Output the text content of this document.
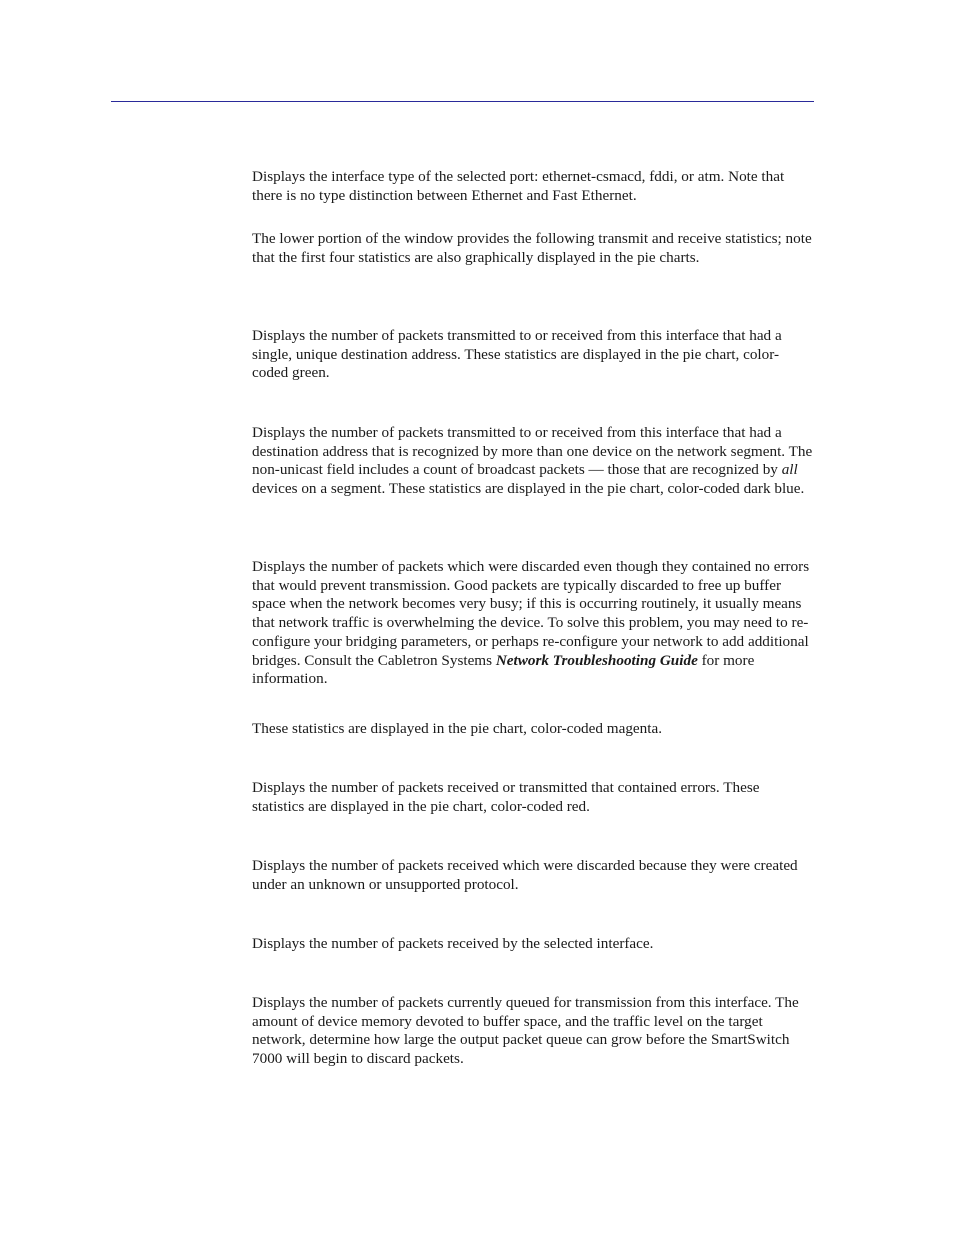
Displays the interface type of the selected port: ethernet-csmacd, fddi, or atm. Note that there is no type distinction between Ethernet and Fast Ethernet.

The lower portion of the window provides the following transmit and receive statistics; note that the first four statistics are also graphically displayed in the pie charts.

Displays the number of packets transmitted to or received from this interface that had a single, unique destination address. These statistics are displayed in the pie chart, color-coded green.

Displays the number of packets transmitted to or received from this interface that had a destination address that is recognized by more than one device on the network segment. The non-unicast field includes a count of broadcast packets — those that are recognized by all devices on a segment. These statistics are displayed in the pie chart, color-coded dark blue.

Displays the number of packets which were discarded even though they contained no errors that would prevent transmission. Good packets are typically discarded to free up buffer space when the network becomes very busy; if this is occurring routinely, it usually means that network traffic is overwhelming the device. To solve this problem, you may need to re-configure your bridging parameters, or perhaps re-configure your network to add additional bridges. Consult the Cabletron Systems Network Troubleshooting Guide for more information.

These statistics are displayed in the pie chart, color-coded magenta.

Displays the number of packets received or transmitted that contained errors. These statistics are displayed in the pie chart, color-coded red.

Displays the number of packets received which were discarded because they were created under an unknown or unsupported protocol.

Displays the number of packets received by the selected interface.

Displays the number of packets currently queued for transmission from this interface. The amount of device memory devoted to buffer space, and the traffic level on the target network, determine how large the output packet queue can grow before the SmartSwitch 7000 will begin to discard packets.
